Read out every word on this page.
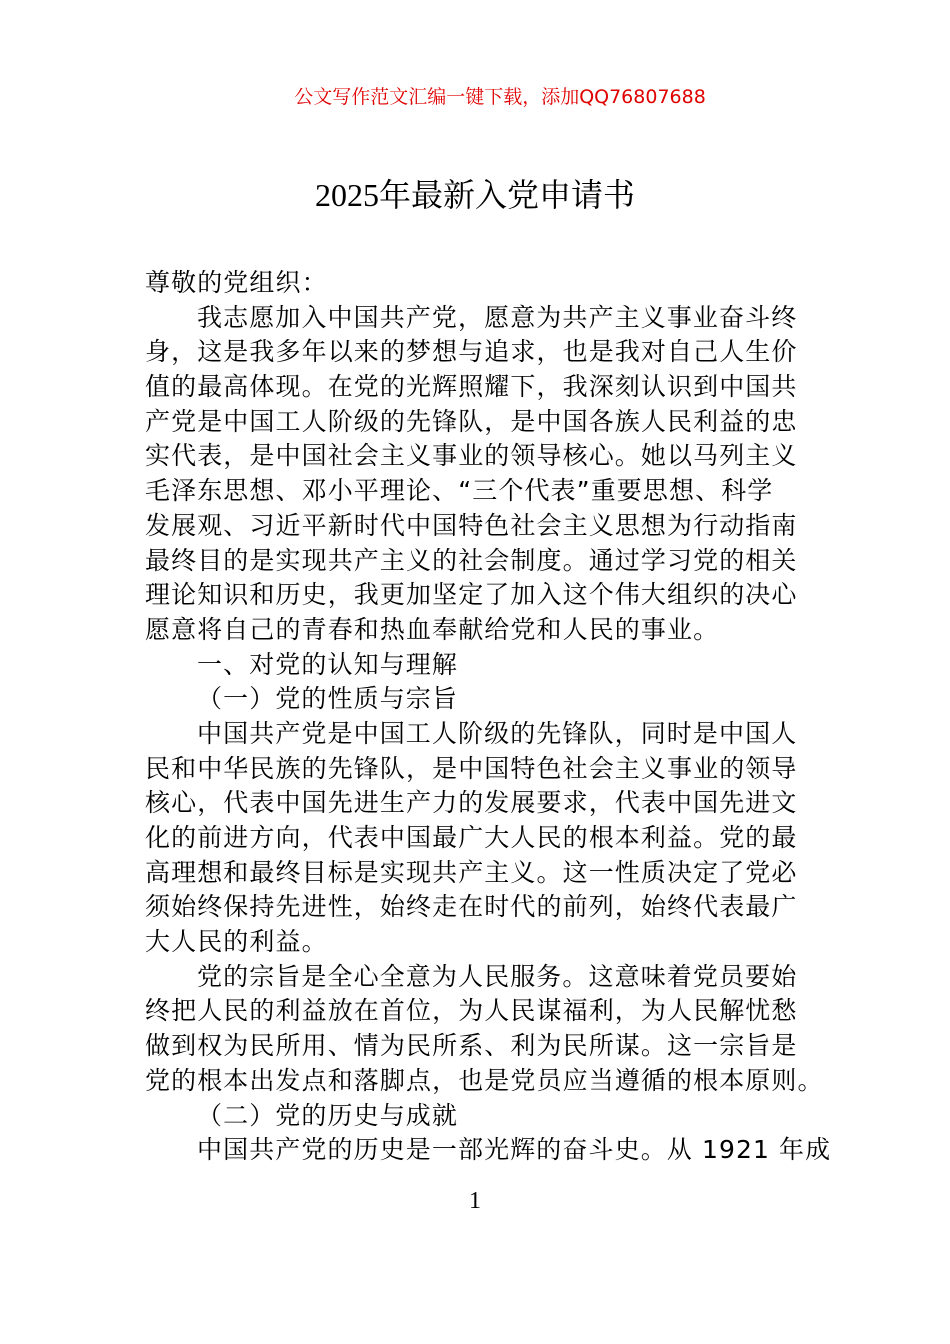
公文写作范文汇编一键下载，添加QQ76807688
2025年最新入党申请书
尊敬的党组织：
我志愿加入中国共产党，愿意为共产主义事业奋斗终
身，这是我多年以来的梦想与追求，也是我对自己人生价
值的最高体现。在党的光辉照耀下，我深刻认识到中国共
产党是中国工人阶级的先锋队，是中国各族人民利益的忠
实代表，是中国社会主义事业的领导核心。她以马列主义
毛泽东思想、邓小平理论、“三个代表”重要思想、科学
发展观、习近平新时代中国特色社会主义思想为行动指南
最终目的是实现共产主义的社会制度。通过学习党的相关
理论知识和历史，我更加坚定了加入这个伟大组织的决心
愿意将自己的青春和热血奉献给党和人民的事业。
一、对党的认知与理解
（一）党的性质与宗旨
中国共产党是中国工人阶级的先锋队，同时是中国人
民和中华民族的先锋队，是中国特色社会主义事业的领导
核心，代表中国先进生产力的发展要求，代表中国先进文
化的前进方向，代表中国最广大人民的根本利益。党的最
高理想和最终目标是实现共产主义。这一性质决定了党必
须始终保持先进性，始终走在时代的前列，始终代表最广
大人民的利益。
党的宗旨是全心全意为人民服务。这意味着党员要始
终把人民的利益放在首位，为人民谋福利，为人民解忧愁
做到权为民所用、情为民所系、利为民所谋。这一宗旨是
党的根本出发点和落脚点，也是党员应当遵循的根本原则。
（二）党的历史与成就
中国共产党的历史是一部光辉的奋斗史。从 1921 年成
1
